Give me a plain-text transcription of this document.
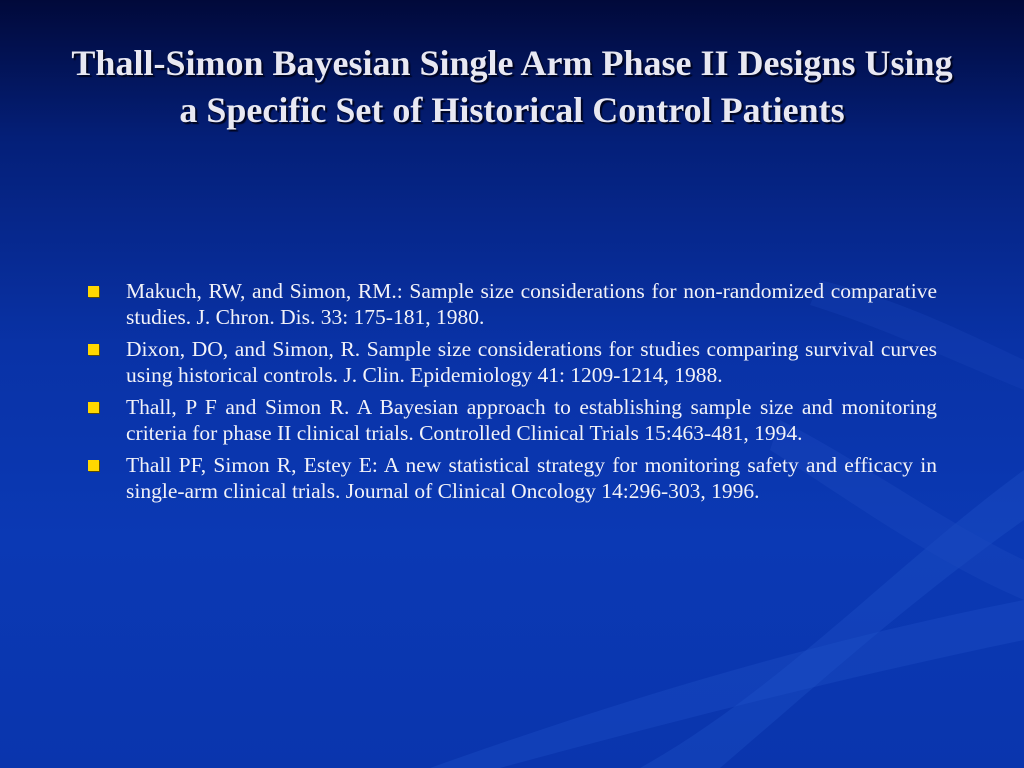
Thall-Simon Bayesian Single Arm Phase II Designs Using a Specific Set of Historical Control Patients
Makuch, RW, and Simon, RM.: Sample size considerations for non-randomized comparative studies. J. Chron. Dis. 33: 175-181, 1980.
Dixon, DO, and Simon, R. Sample size considerations for studies comparing survival curves using historical controls. J. Clin. Epidemiology 41: 1209-1214, 1988.
Thall, P F and Simon R. A Bayesian approach to establishing sample size and monitoring criteria for phase II clinical trials. Controlled Clinical Trials 15:463-481, 1994.
Thall PF, Simon R, Estey E: A new statistical strategy for monitoring safety and efficacy in single-arm clinical trials. Journal of Clinical Oncology 14:296-303, 1996.
